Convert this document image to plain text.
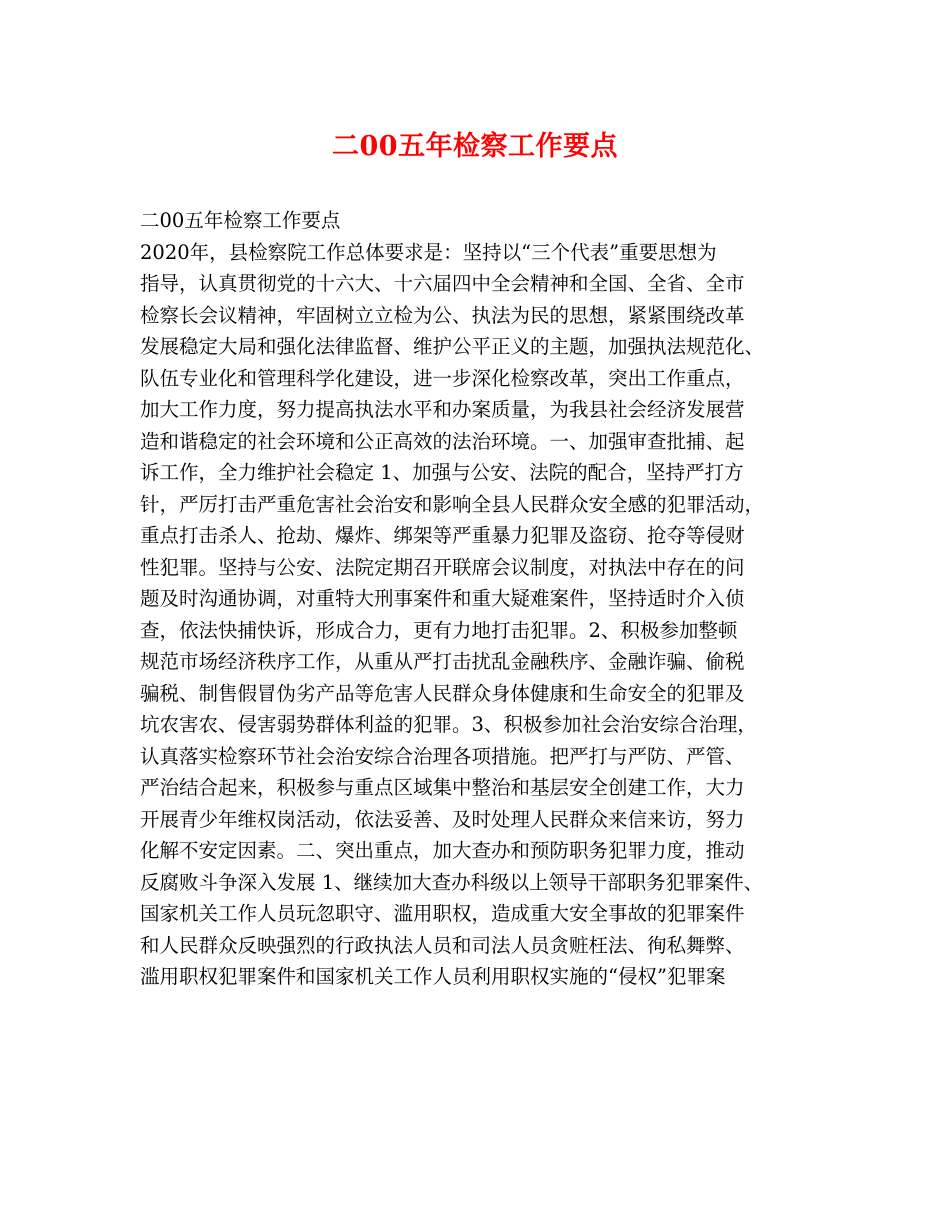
二00五年检察工作要点
二00五年检察工作要点
2020年，县检察院工作总体要求是：坚持以“三个代表”重要思想为
指导，认真贯彻党的十六大、十六届四中全会精神和全国、全省、全市
检察长会议精神，牢固树立立检为公、执法为民的思想，紧紧围绕改革
发展稳定大局和强化法律监督、维护公平正义的主题，加强执法规范化、
队伍专业化和管理科学化建设，进一步深化检察改革，突出工作重点，
加大工作力度，努力提高执法水平和办案质量，为我县社会经济发展营
造和谐稳定的社会环境和公正高效的法治环境。一、加强审查批捕、起
诉工作，全力维护社会稳定 1、加强与公安、法院的配合，坚持严打方
针，严厉打击严重危害社会治安和影响全县人民群众安全感的犯罪活动，
重点打击杀人、抢劫、爆炸、绑架等严重暴力犯罪及盗窃、抢夺等侵财
性犯罪。坚持与公安、法院定期召开联席会议制度，对执法中存在的问
题及时沟通协调，对重特大刑事案件和重大疑难案件，坚持适时介入侦
查，依法快捕快诉，形成合力，更有力地打击犯罪。2、积极参加整顿
规范市场经济秩序工作，从重从严打击扰乱金融秩序、金融诈骗、偷税
骗税、制售假冒伪劣产品等危害人民群众身体健康和生命安全的犯罪及
坑农害农、侵害弱势群体利益的犯罪。3、积极参加社会治安综合治理，
认真落实检察环节社会治安综合治理各项措施。把严打与严防、严管、
严治结合起来，积极参与重点区域集中整治和基层安全创建工作，大力
开展青少年维权岗活动，依法妥善、及时处理人民群众来信来访，努力
化解不安定因素。二、突出重点，加大查办和预防职务犯罪力度，推动
反腐败斗争深入发展 1、继续加大查办科级以上领导干部职务犯罪案件、
国家机关工作人员玩忽职守、滥用职权，造成重大安全事故的犯罪案件
和人民群众反映强烈的行政执法人员和司法人员贪赃枉法、徇私舞弊、
滥用职权犯罪案件和国家机关工作人员利用职权实施的“侵权”犯罪案
